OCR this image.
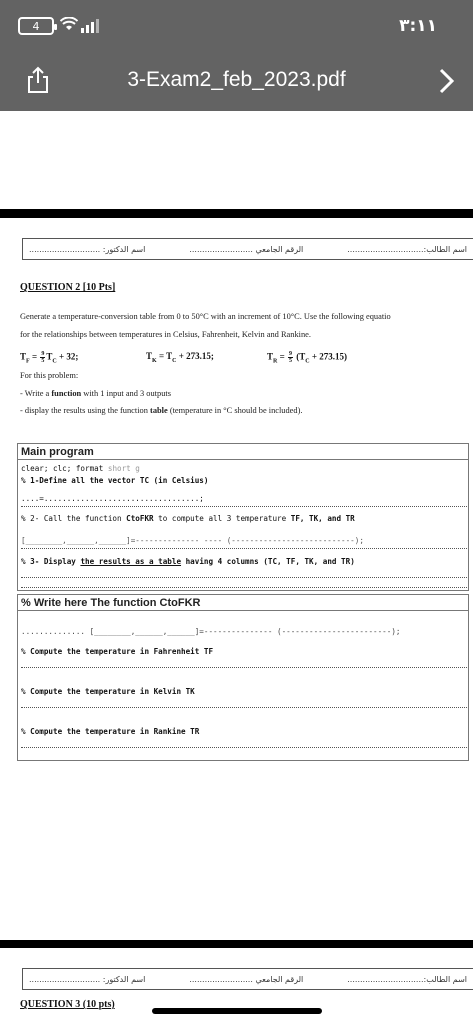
4	٣:١١
3-Exam2_feb_2023.pdf
............................ :اسم الدكتور	......................... الرقم الجامعي	..............................:اسم الطالب
QUESTION 2 [10 Pts]
Generate a temperature-conversion table from 0 to 50°C with an increment of 10°C. Use the following equatio
for the relationships between temperatures in Celsius, Fahrenheit, Kelvin and Rankine.
$T_F = \frac{9}{5} T_C + 32$;	$T_K = T_C + 273.15$;	$T_R = \frac{9}{5} (T_C + 273.15)$
For this problem:
- Write a function with 1 input and 3 outputs
- display the results using the function table (temperature in °C should be included).
Main program
clear; clc; format short g
% 1-Define all the vector TC (in Celsius)
....=..................................;
% 2- Call the function CtoFKR to compute all 3 temperature TF, TK, and TR
[________,______,______]=-------------- ---- (---------------------------);
% 3- Display the results as a table having 4 columns (TC, TF, TK, and TR)
% Write here The function CtoFKR
.............. [________,______,______]=--------------- (------------------------);
% Compute the temperature in Fahrenheit TF
% Compute the temperature in Kelvin TK
% Compute the temperature in Rankine TR
............................ :اسم الدكتور	......................... الرقم الجامعي	..............................:اسم الطالب
QUESTION 3 (10 pts)
